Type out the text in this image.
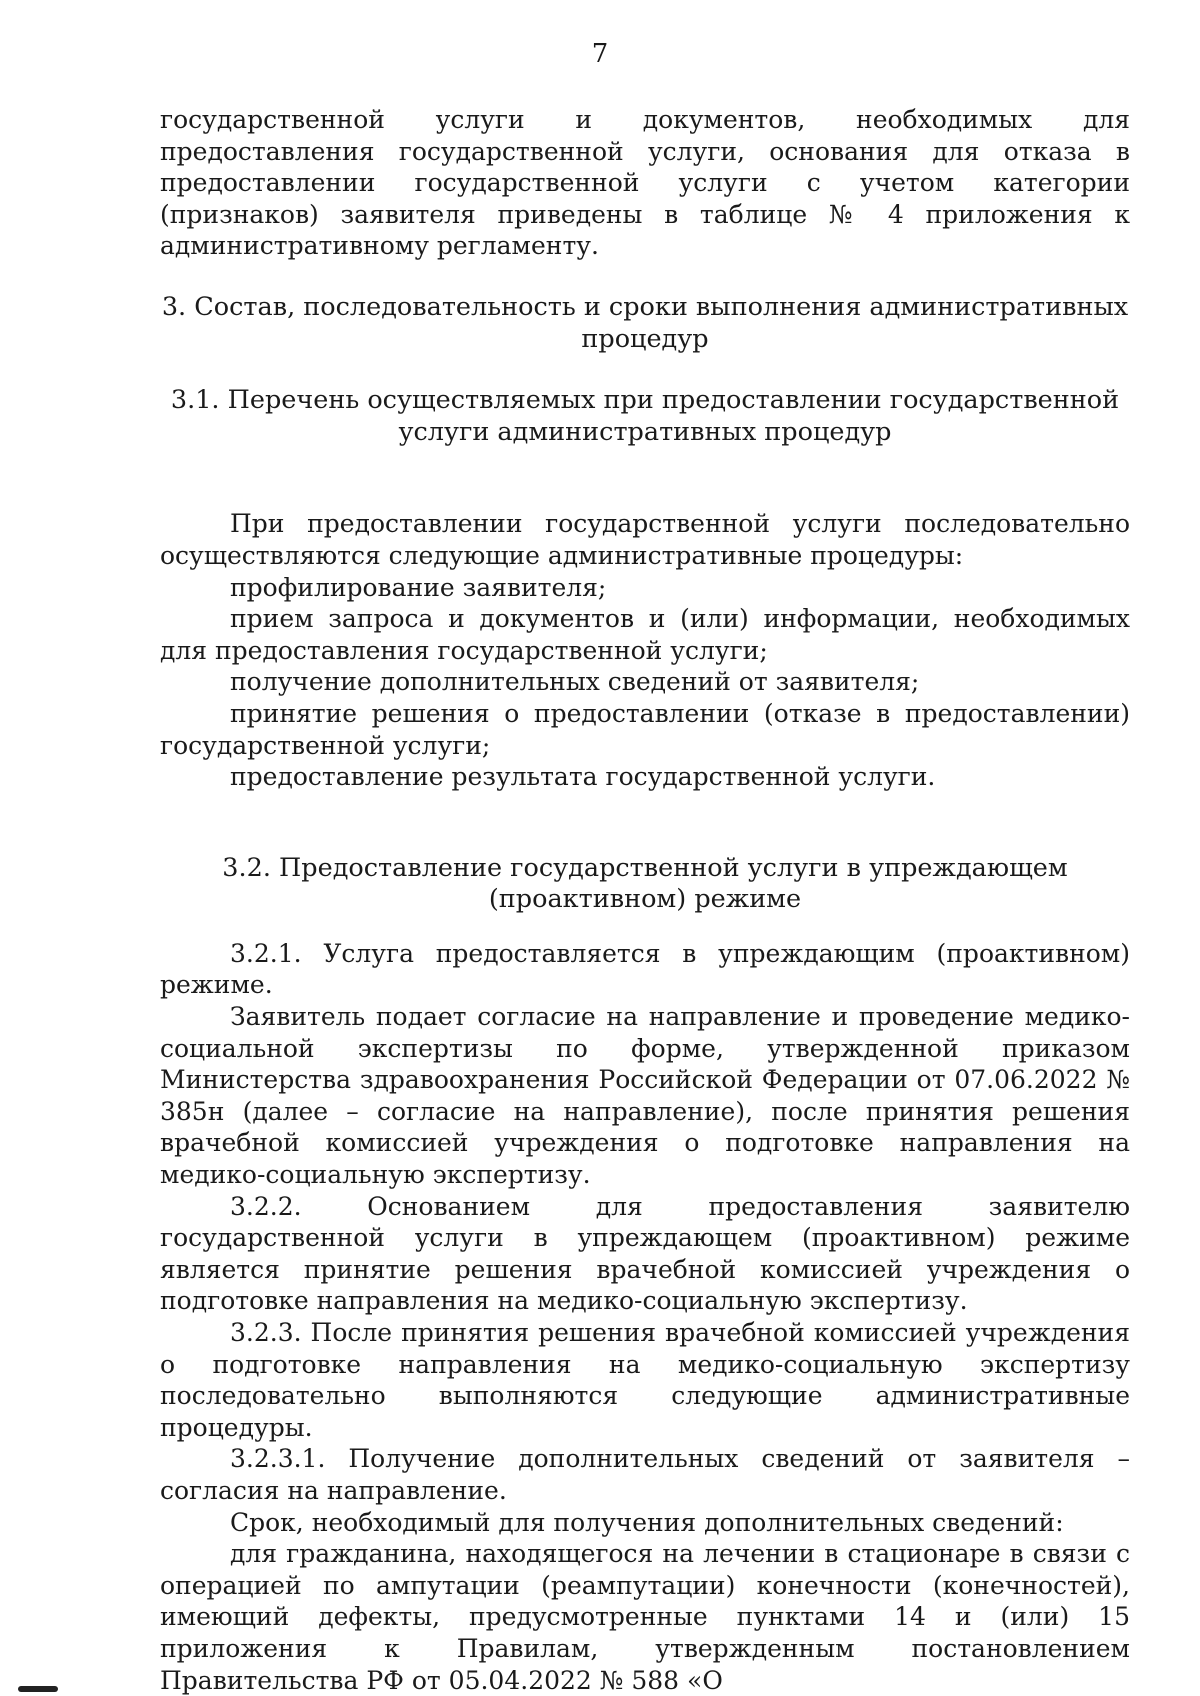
7

государственной услуги и документов, необходимых для предоставления государственной услуги, основания для отказа в предоставлении государственной услуги с учетом категории (признаков) заявителя приведены в таблице № 4 приложения к административному регламенту.

3. Состав, последовательность и сроки выполнения административных процедур

3.1. Перечень осуществляемых при предоставлении государственной услуги административных процедур

При предоставлении государственной услуги последовательно осуществляются следующие административные процедуры:

профилирование заявителя;

прием запроса и документов и (или) информации, необходимых для предоставления государственной услуги;

получение дополнительных сведений от заявителя;

принятие решения о предоставлении (отказе в предоставлении) государственной услуги;

предоставление результата государственной услуги.

3.2. Предоставление государственной услуги в упреждающем (проактивном) режиме

3.2.1. Услуга предоставляется в упреждающим (проактивном) режиме.

Заявитель подает согласие на направление и проведение медико-социальной экспертизы по форме, утвержденной приказом Министерства здравоохранения Российской Федерации от 07.06.2022 № 385н (далее – согласие на направление), после принятия решения врачебной комиссией учреждения о подготовке направления на медико-социальную экспертизу.

3.2.2. Основанием для предоставления заявителю государственной услуги в упреждающем (проактивном) режиме является принятие решения врачебной комиссией учреждения о подготовке направления на медико-социальную экспертизу.

3.2.3. После принятия решения врачебной комиссией учреждения о подготовке направления на медико-социальную экспертизу последовательно выполняются следующие административные процедуры.

3.2.3.1. Получение дополнительных сведений от заявителя – согласия на направление.

Срок, необходимый для получения дополнительных сведений:

для гражданина, находящегося на лечении в стационаре в связи с операцией по ампутации (реампутации) конечности (конечностей), имеющий дефекты, предусмотренные пунктами 14 и (или) 15 приложения к Правилам, утвержденным постановлением Правительства РФ от 05.04.2022 № 588 «О
